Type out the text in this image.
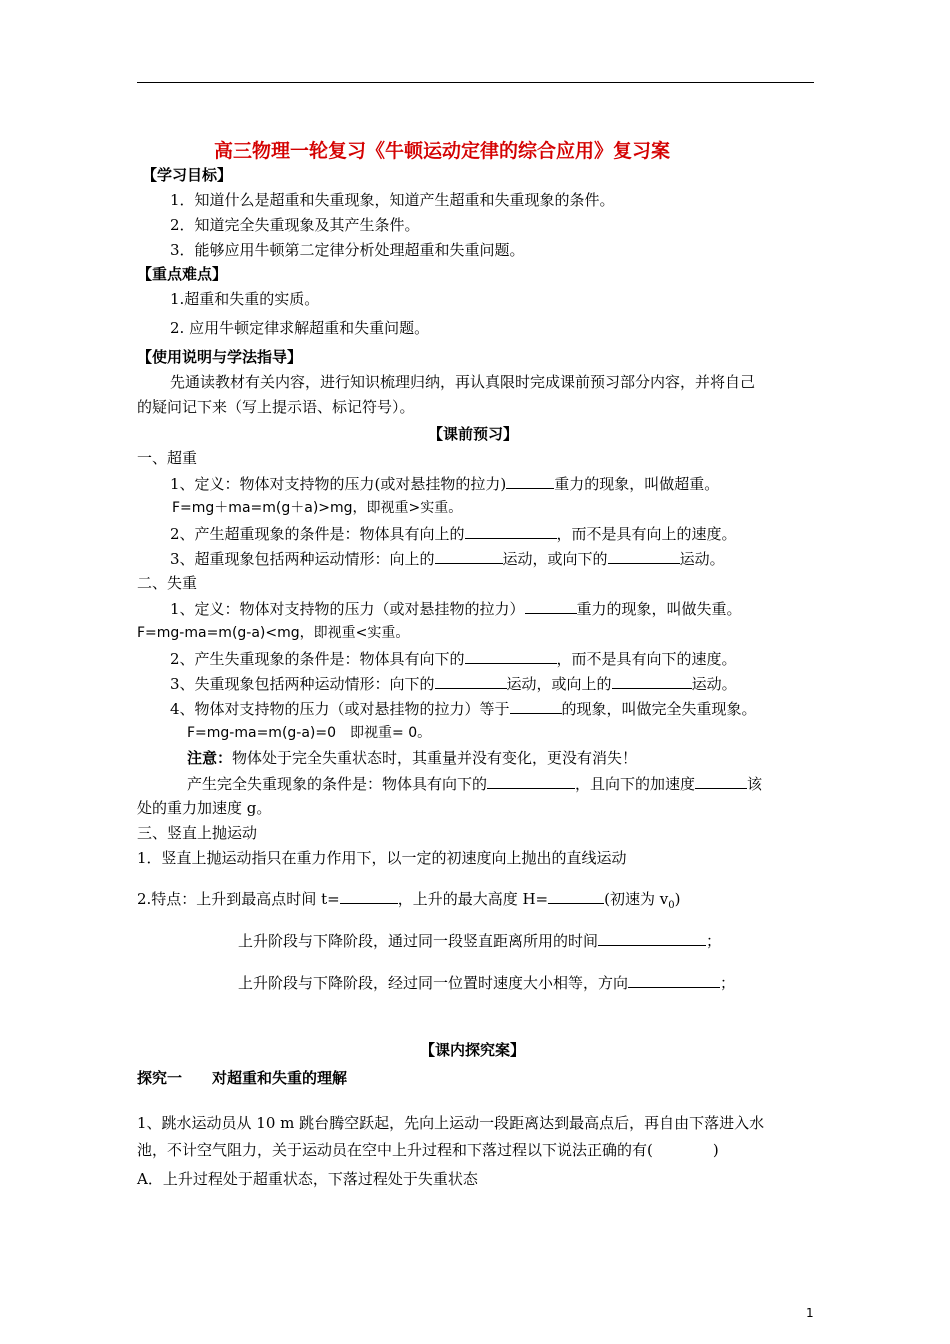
高三物理一轮复习《牛顿运动定律的综合应用》复习案
【学习目标】
1．知道什么是超重和失重现象，知道产生超重和失重现象的条件。
2．知道完全失重现象及其产生条件。
3．能够应用牛顿第二定律分析处理超重和失重问题。
【重点难点】
1.超重和失重的实质。
2. 应用牛顿定律求解超重和失重问题。
【使用说明与学法指导】
先通读教材有关内容，进行知识梳理归纳，再认真限时完成课前预习部分内容，并将自己
的疑问记下来（写上提示语、标记符号）。
【课前预习】
一、超重
1、定义：物体对支持物的压力(或对悬挂物的拉力)	重力的现象，叫做超重。
F=mg＋ma=m(g＋a)>mg，即视重>实重。
2、产生超重现象的条件是：物体具有向上的	，而不是具有向上的速度。
3、超重现象包括两种运动情形：向上的	运动，或向下的	运动。
二、失重
1、定义：物体对支持物的压力（或对悬挂物的拉力）	重力的现象，叫做失重。
F=mg-ma=m(g-a)<mg，即视重<实重。
2、产生失重现象的条件是：物体具有向下的	，而不是具有向下的速度。
3、失重现象包括两种运动情形：向下的	运动，或向上的	运动。
4、物体对支持物的压力（或对悬挂物的拉力）等于	的现象，叫做完全失重现象。
F=mg-ma=m(g-a)=0　即视重= 0。
注意：物体处于完全失重状态时，其重量并没有变化，更没有消失！
产生完全失重现象的条件是：物体具有向下的	，且向下的加速度	该
处的重力加速度 g。
三、竖直上抛运动
1．竖直上抛运动指只在重力作用下，以一定的初速度向上抛出的直线运动
2.特点：上升到最高点时间 t=	，上升的最大高度 H=	(初速为 $v_0$)
上升阶段与下降阶段，通过同一段竖直距离所用的时间	；
上升阶段与下降阶段，经过同一位置时速度大小相等，方向	；
【课内探究案】
探究一 对超重和失重的理解
1、跳水运动员从 10 m 跳台腾空跃起，先向上运动一段距离达到最高点后，再自由下落进入水
池，不计空气阻力，关于运动员在空中上升过程和下落过程以下说法正确的有(　　　　)
A．上升过程处于超重状态，下落过程处于失重状态
1
